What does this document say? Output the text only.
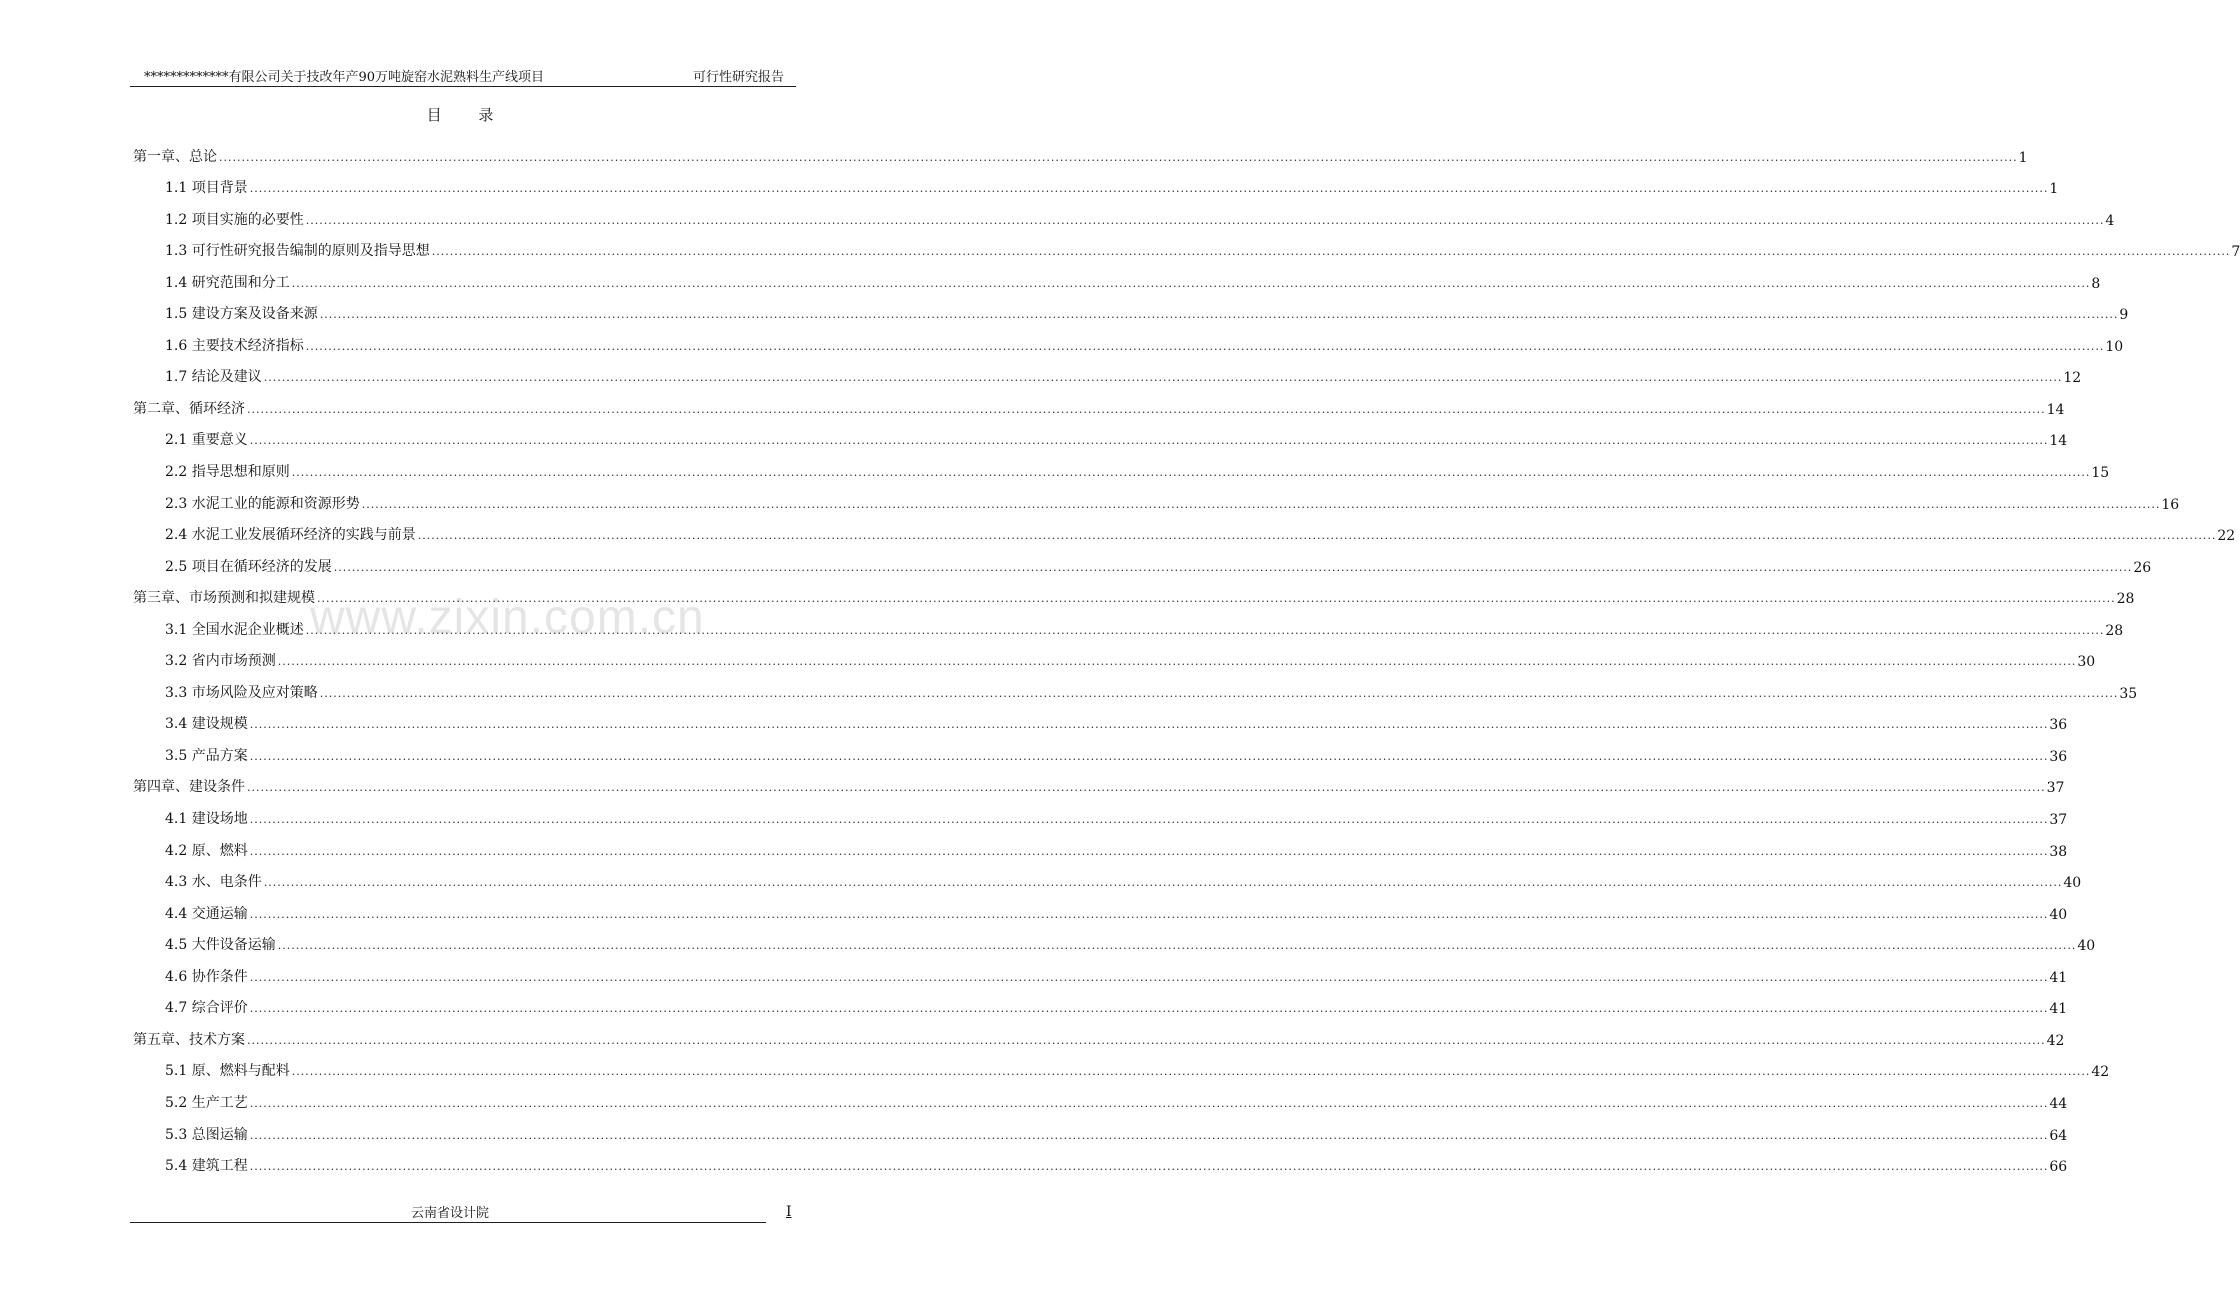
*************有限公司关于技改年产90万吨旋窑水泥熟料生产线项目	可行性研究报告
目 录
www.zixin.com.cn
第一章、总论 ................................................................................................................................................................................................................................................................................................................................................................................................................ 1
1.1 项目背景 ................................................................................................................................................................................................................................................................................................................................................................................................................ 1
1.2 项目实施的必要性 ................................................................................................................................................................................................................................................................................................................................................................................................................ 4
1.3 可行性研究报告编制的原则及指导思想 ................................................................................................................................................................................................................................................................................................................................................................................................................ 7
1.4 研究范围和分工 ................................................................................................................................................................................................................................................................................................................................................................................................................ 8
1.5 建设方案及设备来源 ................................................................................................................................................................................................................................................................................................................................................................................................................ 9
1.6 主要技术经济指标 ................................................................................................................................................................................................................................................................................................................................................................................................................ 10
1.7 结论及建议 ................................................................................................................................................................................................................................................................................................................................................................................................................ 12
第二章、循环经济 ................................................................................................................................................................................................................................................................................................................................................................................................................ 14
2.1 重要意义 ................................................................................................................................................................................................................................................................................................................................................................................................................ 14
2.2 指导思想和原则 ................................................................................................................................................................................................................................................................................................................................................................................................................ 15
2.3 水泥工业的能源和资源形势 ................................................................................................................................................................................................................................................................................................................................................................................................................ 16
2.4 水泥工业发展循环经济的实践与前景 ................................................................................................................................................................................................................................................................................................................................................................................................................ 22
2.5 项目在循环经济的发展 ................................................................................................................................................................................................................................................................................................................................................................................................................ 26
第三章、市场预测和拟建规模 ................................................................................................................................................................................................................................................................................................................................................................................................................ 28
3.1 全国水泥企业概述 ................................................................................................................................................................................................................................................................................................................................................................................................................ 28
3.2 省内市场预测 ................................................................................................................................................................................................................................................................................................................................................................................................................ 30
3.3 市场风险及应对策略 ................................................................................................................................................................................................................................................................................................................................................................................................................ 35
3.4 建设规模 ................................................................................................................................................................................................................................................................................................................................................................................................................ 36
3.5 产品方案 ................................................................................................................................................................................................................................................................................................................................................................................................................ 36
第四章、建设条件 ................................................................................................................................................................................................................................................................................................................................................................................................................ 37
4.1 建设场地 ................................................................................................................................................................................................................................................................................................................................................................................................................ 37
4.2 原、燃料 ................................................................................................................................................................................................................................................................................................................................................................................................................ 38
4.3 水、电条件 ................................................................................................................................................................................................................................................................................................................................................................................................................ 40
4.4 交通运输 ................................................................................................................................................................................................................................................................................................................................................................................................................ 40
4.5 大件设备运输 ................................................................................................................................................................................................................................................................................................................................................................................................................ 40
4.6 协作条件 ................................................................................................................................................................................................................................................................................................................................................................................................................ 41
4.7 综合评价 ................................................................................................................................................................................................................................................................................................................................................................................................................ 41
第五章、技术方案 ................................................................................................................................................................................................................................................................................................................................................................................................................ 42
5.1 原、燃料与配料 ................................................................................................................................................................................................................................................................................................................................................................................................................ 42
5.2 生产工艺 ................................................................................................................................................................................................................................................................................................................................................................................................................ 44
5.3 总图运输 ................................................................................................................................................................................................................................................................................................................................................................................................................ 64
5.4 建筑工程 ................................................................................................................................................................................................................................................................................................................................................................................................................ 66
云南省设计院	I
